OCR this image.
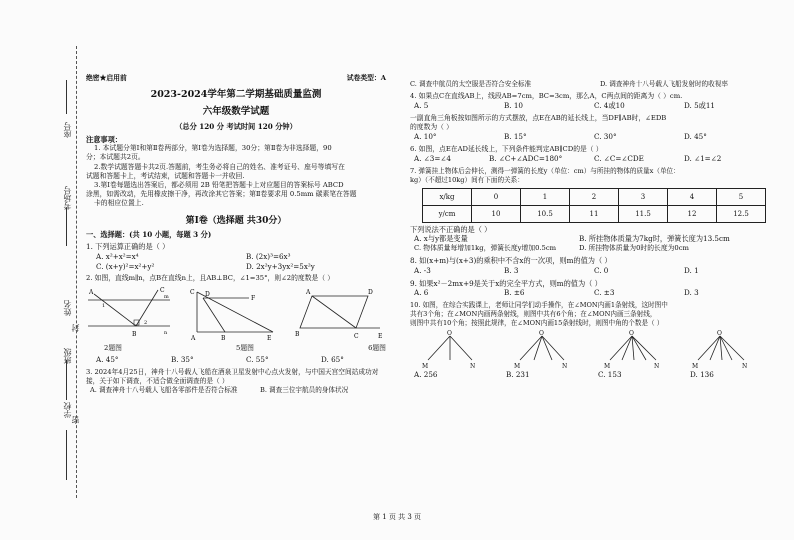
座号
考场号
姓名
封
班级
学校
密

绝密★启用前	试卷类型：A

2023-2024学年第二学期基础质量监测

六年级数学试题

（总分 120 分 考试时间 120 分钟）

注意事项：

1. 本试题分第Ⅰ和第Ⅱ卷两部分，第Ⅰ卷为选择题，30分；第Ⅱ卷为非选择题，90

分；本试题共2页。

2.数学试题答题卡共2页.答题前，考生务必将自己的姓名、准考证号、座号等填写在

试题和答题卡上，考试结束，试题和答题卡一并收回.

3.第Ⅰ卷每题选出答案后，都必须用 2B 铅笔把答题卡上对应题目的答案标号 ABCD

涂黑，如需改动，先用橡皮擦干净，再改涂其它答案；第Ⅱ卷要求用 0.5mm 碳素笔在答题

卡的相应位置上.

第Ⅰ卷（选择题 共30分）

一、选择题：(共 10 小题，每题 3 分)

1. 下列运算正确的是（ ）

A. x²+x²=x⁴	B. (2x)³=6x³
C. (x+y)²=x²+y²	D. 2x²y+3yx²=5x²y

2. 如图，直线m∥n，点B在直线n上，且AB⊥BC，∠1=35°，则∠2的度数是（ ）

A	C
B
m
n
1
2
C D
A	B	E
F
A	D
B	C	E
2题图	5题图	6题图
A. 45°	B. 35°	C. 55°	D. 65°

3. 2024年4月25日，神舟十八号载人飞船在酒泉卫星发射中心点火发射，与中国天宫空间站成功对

接，关于如下调查，不适合做全面调查的是（ ）

A. 调查神舟十八号载人飞船各零部件是否符合标准	B. 调查三位宇航员的身体状况
C. 调查中航员的太空服是否符合安全标准	D. 调查神舟十八号载人飞船发射时的收视率

4. 如果点C在直线AB上，线段AB=7cm，BC=3cm，那么A，C两点间的距离为（ ）cm.

A. 5	B. 10	C. 4或10	D. 5或11

一副直角三角板按如图所示的方式摆放，点E在AB的延长线上，当DF∥AB时，∠EDB

的度数为（ ）

A. 10°	B. 15°	C. 30°	D. 45°

6. 如图，点E在AD延长线上，下列条件能判定AB∥CD的是（ ）

A. ∠3=∠4	B. ∠C+∠ADC=180°	C. ∠C=∠CDE	D. ∠1=∠2

7. 弹簧挂上物体后会伸长，测得一弹簧的长度y（单位：cm）与所挂的物体的质量x（单位：

kg）（不超过10kg）间有下面的关系：

x/kg	0	1	2	3	4	5
y/cm	10	10.5	11	11.5	12	12.5

下列说法不正确的是（ ）

A. x与y都是变量	B. 所挂物体质量为7kg时，弹簧长度为13.5cm
C. 物体质量每增加1kg，弹簧长度y增加0.5cm	D. 所挂物体质量为0时的长度为0cm

8. 如(x+m)与(x+3)的乘积中不含x的一次项，则m的值为（ ）

A. -3	B. 3	C. 0	D. 1

9. 如果x²－2mx+9是关于x的完全平方式，则m的值为（ ）

A. 6	B. ±6	C. ±3	D. 3

10. 如图，在综合实践课上，老师让同学们动手操作，在∠MON内画1条射线，这时图中

共有3个角；在∠MON内画两条射线，则图中共有6个角；在∠MON内画三条射线，

则图中共有10个角；按照此规律，在∠MON内画15条射线时，则图中角的个数是（ ）

O
M	N
O
M	N
O
M	N
O
M	N
A. 256	B. 231	C. 153	D. 136
第 1 页 共 3 页
